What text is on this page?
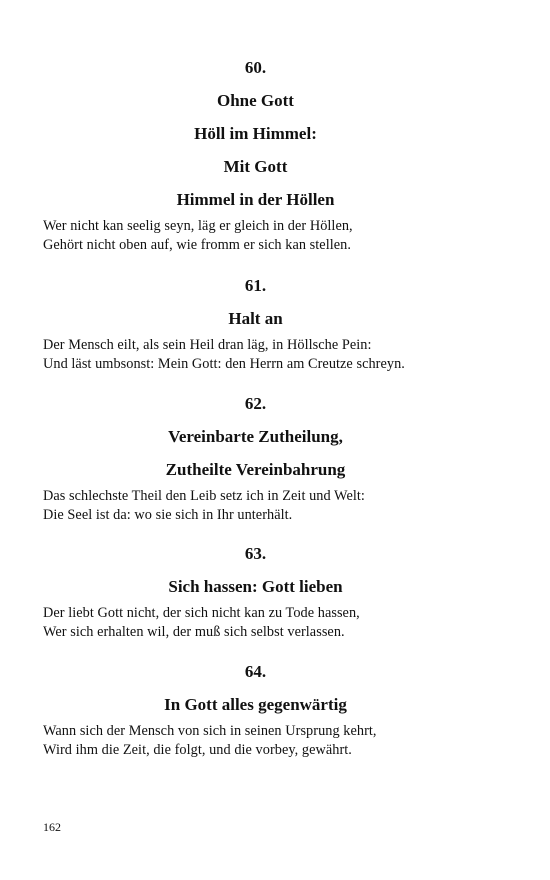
60.

Ohne Gott

Höll im Himmel:

Mit Gott

Himmel in der Höllen

Wer nicht kan seelig seyn, läg er gleich in der Höllen,

Gehört nicht oben auf, wie fromm er sich kan stellen.

61.

Halt an

Der Mensch eilt, als sein Heil dran läg, in Höllsche Pein:

Und läst umbsonst: Mein Gott: den Herrn am Creutze schreyn.

62.

Vereinbarte Zutheilung,

Zutheilte Vereinbahrung

Das schlechste Theil den Leib setz ich in Zeit und Welt:

Die Seel ist da: wo sie sich in Ihr unterhält.

63.

Sich hassen: Gott lieben

Der liebt Gott nicht, der sich nicht kan zu Tode hassen,

Wer sich erhalten wil, der muß sich selbst verlassen.

64.

In Gott alles gegenwärtig

Wann sich der Mensch von sich in seinen Ursprung kehrt,

Wird ihm die Zeit, die folgt, und die vorbey, gewährt.

162
